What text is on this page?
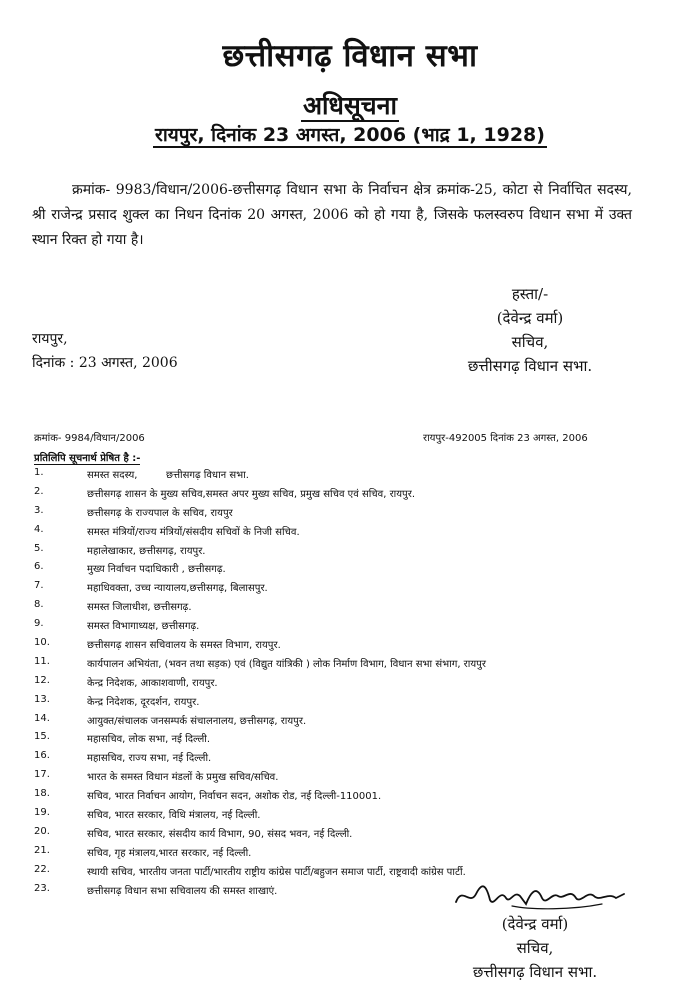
छत्तीसगढ़ विधान सभा
अधिसूचना
रायपुर, दिनांक 23 अगस्त, 2006 (भाद्र 1, 1928)
क्रमांक- 9983/विधान/2006-छत्तीसगढ़ विधान सभा के निर्वाचन क्षेत्र क्रमांक-25, कोटा से निर्वाचित सदस्य, श्री राजेन्द्र प्रसाद शुक्ल का निधन दिनांक 20 अगस्त, 2006 को हो गया है, जिसके फलस्वरुप विधान सभा में उक्त स्थान रिक्त हो गया है।
हस्ता/-
(देवेन्द्र वर्मा)
सचिव,
छत्तीसगढ़ विधान सभा.
रायपुर,
दिनांक : 23 अगस्त, 2006
क्रमांक- 9984/विधान/2006	रायपुर-492005 दिनांक 23 अगस्त, 2006
प्रतिलिपि सूचनार्थ प्रेषित है :-
1.	समस्त सदस्य,         छत्तीसगढ़ विधान सभा.
2.	छत्तीसगढ़ शासन के मुख्य सचिव,समस्त अपर मुख्य सचिव, प्रमुख सचिव एवं सचिव, रायपुर.
3.	छत्तीसगढ़ के राज्यपाल के सचिव, रायपुर
4.	समस्त मंत्रियों/राज्य मंत्रियों/संसदीय सचिवों के निजी सचिव.
5.	महालेखाकार, छत्तीसगढ़, रायपुर.
6.	मुख्य निर्वाचन पदाधिकारी , छत्तीसगढ़.
7.	महाधिवक्ता, उच्च न्यायालय,छत्तीसगढ़, बिलासपुर.
8.	समस्त जिलाधीश, छत्तीसगढ़.
9.	समस्त विभागाध्यक्ष, छत्तीसगढ़.
10.	छत्तीसगढ़ शासन सचिवालय के समस्त विभाग, रायपुर.
11.	कार्यपालन अभियंता, (भवन तथा सड़क) एवं (विद्युत यांत्रिकी ) लोक निर्माण विभाग, विधान सभा संभाग, रायपुर
12.	केन्द्र निदेशक, आकाशवाणी, रायपुर.
13.	केन्द्र निदेशक, दूरदर्शन, रायपुर.
14.	आयुक्त/संचालक जनसम्पर्क संचालनालय, छत्तीसगढ़, रायपुर.
15.	महासचिव, लोक सभा, नई दिल्ली.
16.	महासचिव, राज्य सभा, नई दिल्ली.
17.	भारत के समस्त विधान मंडलों के प्रमुख सचिव/सचिव.
18.	सचिव, भारत निर्वाचन आयोग, निर्वाचन सदन, अशोक रोड, नई दिल्ली-110001.
19.	सचिव, भारत सरकार, विधि मंत्रालय, नई दिल्ली.
20.	सचिव, भारत सरकार, संसदीय कार्य विभाग, 90, संसद भवन, नई दिल्ली.
21.	सचिव, गृह मंत्रालय,भारत सरकार, नई दिल्ली.
22.	स्थायी सचिव, भारतीय जनता पार्टी/भारतीय राष्ट्रीय कांग्रेस पार्टी/बहुजन समाज पार्टी, राष्ट्रवादी कांग्रेस पार्टी.
23.	छत्तीसगढ़ विधान सभा सचिवालय की समस्त शाखाएं.
(देवेन्द्र वर्मा)
सचिव,
छत्तीसगढ़ विधान सभा.
